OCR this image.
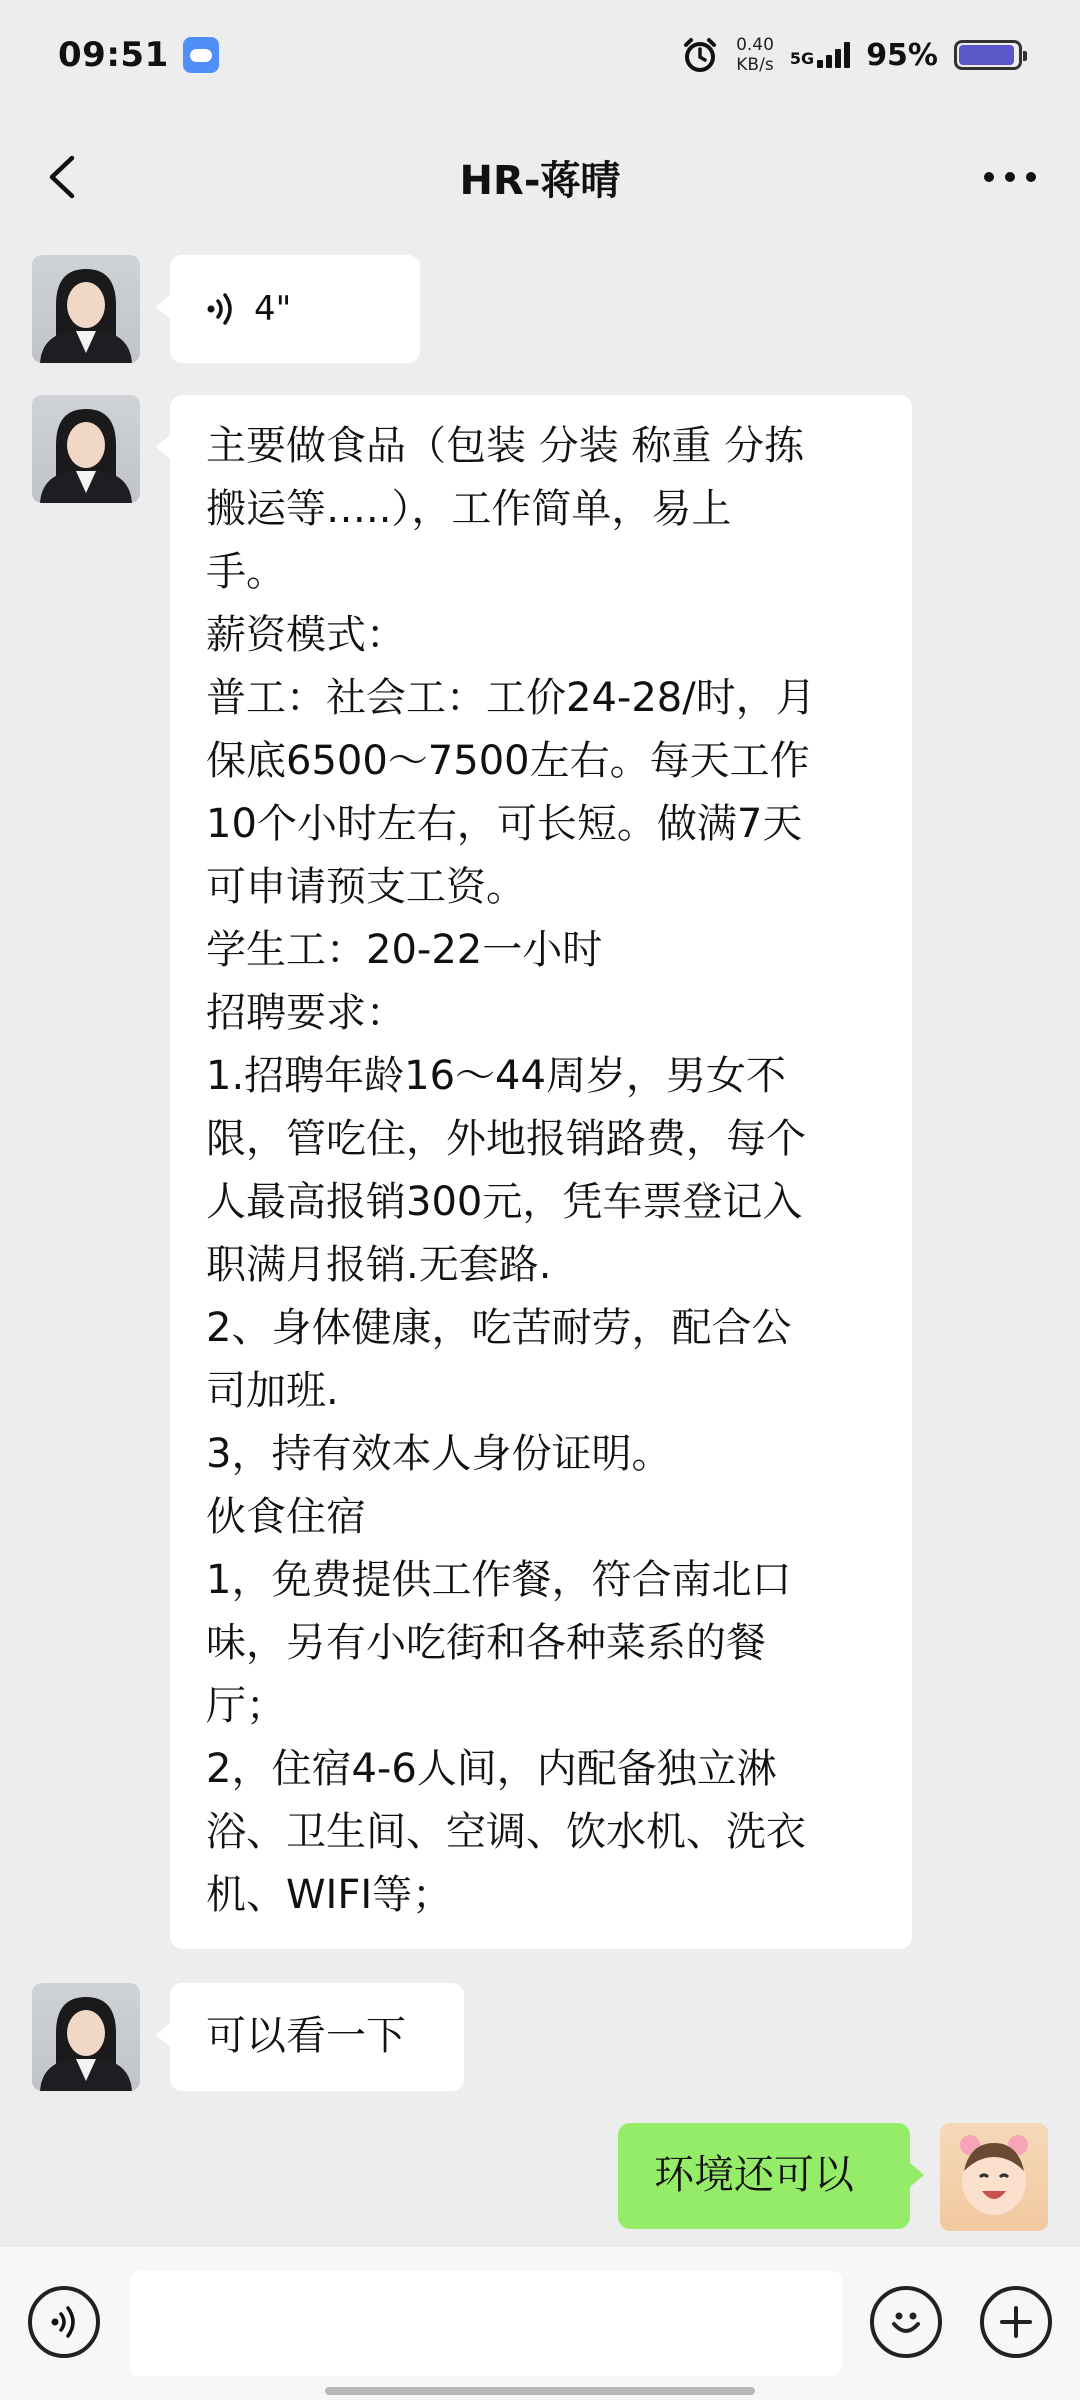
09:51	0.40
KB/s 5G 95%
HR-蒋晴
4"
主要做食品（包装 分装 称重 分拣
搬运等…..），工作简单，易上
手。
薪资模式：
普工：社会工：工价24-28/时，月
保底6500～7500左右。每天工作
10个小时左右，可长短。做满7天
可申请预支工资。
学生工：20-22一小时
招聘要求：
1.招聘年龄16～44周岁，男女不
限，管吃住，外地报销路费，每个
人最高报销300元，凭车票登记入
职满月报销.无套路.
2、身体健康，吃苦耐劳，配合公
司加班.
3，持有效本人身份证明。
伙食住宿
1，免费提供工作餐，符合南北口
味，另有小吃街和各种菜系的餐
厅；
2，住宿4-6人间，内配备独立淋
浴、卫生间、空调、饮水机、洗衣
机、WIFI等；
可以看一下
环境还可以
